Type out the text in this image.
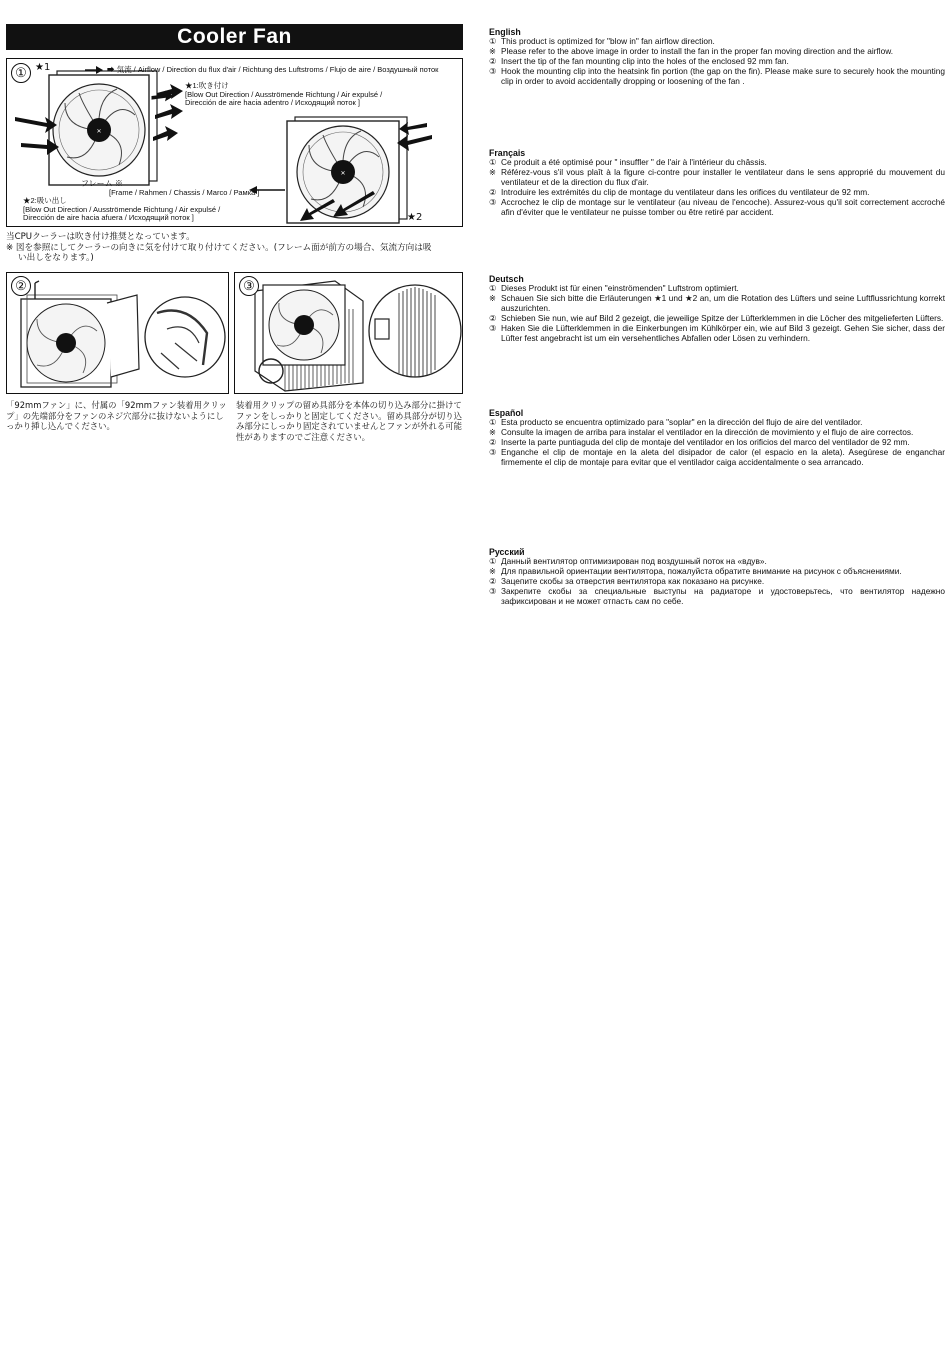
Cooler Fan
✕
✕
① ★1	➡ 気流 / Airflow / Direction du flux d'air / Richtung des Luftstroms / Flujo de aire / Воздушный поток
★1:吹き付け
[Blow Out Direction / Ausströmende Richtung / Air expulsé /
Dirección de aire hacia adentro / Исходящий поток ]
フレーム ※
[Frame / Rahmen / Chassis / Marco / Рамка ]
★2:吸い出し
[Blow Out Direction / Ausströmende Richtung / Air expulsé /
Dirección de aire hacia afuera / Исходящий поток ]	★2
当CPUクーラーは吹き付け推奨となっています。
※ 図を参照にしてクーラーの向きに気を付けて取り付けてください。(フレーム面が前方の場合、気流方向は吸
い出しをなります。)
②	③
「92mmファン」に、付属の「92mmファン装着用クリップ」の先端部分をファンのネジ穴部分に抜けないようにしっかり挿し込んでください。
装着用クリップの留め具部分を本体の切り込み部分に掛けてファンをしっかりと固定してください。留め具部分が切り込み部分にしっかり固定されていませんとファンが外れる可能性がありますのでご注意ください。
English
① This product is optimized for "blow in" fan airflow direction.
※ Please refer to the above image in order to install the fan in the proper fan moving direction and the airflow.
② Insert the tip of the fan mounting clip into the holes of the enclosed 92 mm fan.
③ Hook the mounting clip into the heatsink fin portion (the gap on the fin). Please make sure to securely hook the mounting clip in order to avoid accidentally dropping or loosening of the fan .
Français
① Ce produit a été optimisé pour " insuffler " de l'air à l'intérieur du châssis.
※ Référez-vous s'il vous plaît à la figure ci-contre pour installer le ventilateur dans le sens approprié du mouvement du ventilateur et de la direction du flux d'air.
② Introduire les extrémités du clip de montage du ventilateur dans les orifices du ventilateur de 92 mm.
③ Accrochez le clip de montage sur le ventilateur (au niveau de l'encoche). Assurez-vous qu'il soit correctement accroché afin d'éviter que le ventilateur ne puisse tomber ou être retiré par accident.
Deutsch
① Dieses Produkt ist für einen "einströmenden" Luftstrom optimiert.
※ Schauen Sie sich bitte die Erläuterungen ★1 und ★2 an, um die Rotation des Lüfters und seine Luftflussrichtung korrekt auszurichten.
② Schieben Sie nun, wie auf Bild 2 gezeigt, die jeweilige Spitze der Lüfterklemmen in die Löcher des mitgelieferten Lüfters.
③ Haken Sie die Lüfterklemmen in die Einkerbungen im Kühlkörper ein, wie auf Bild 3 gezeigt. Gehen Sie sicher, dass der Lüfter fest angebracht ist um ein versehentliches Abfallen oder Lösen zu verhindern.
Español
① Esta producto se encuentra optimizado para "soplar" en la dirección del flujo de aire del ventilador.
※ Consulte la imagen de arriba para instalar el ventilador en la dirección de movimiento y el flujo de aire correctos.
② Inserte la parte puntiaguda del clip de montaje del ventilador en los orificios del marco del ventilador de 92 mm.
③ Enganche el clip de montaje en la aleta del disipador de calor (el espacio en la aleta). Asegúrese de enganchar firmemente el clip de montaje para evitar que el ventilador caiga accidentalmente o sea arrancado.
Русский
① Данный вентилятор оптимизирован под воздушный поток на «вдув».
※ Для правильной ориентации вентилятора, пожалуйста обратите внимание на рисунок с объяснениями.
② Зацепите скобы за отверстия вентилятора как показано на рисунке.
③ Закрепите скобы за специальные выступы на радиаторе и удостоверьтесь, что вентилятор надежно зафиксирован и не может отпасть сам по себе.
